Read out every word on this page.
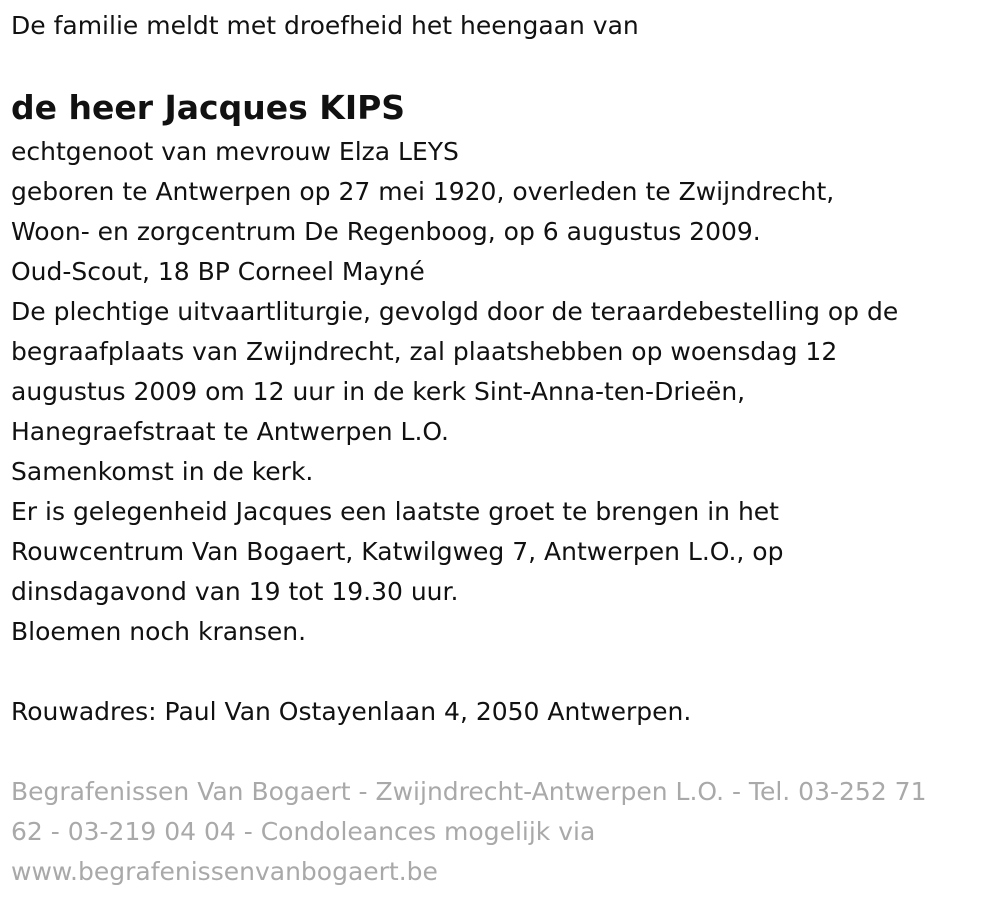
De familie meldt met droefheid het heengaan van

de heer Jacques KIPS

echtgenoot van mevrouw Elza LEYS

geboren te Antwerpen op 27 mei 1920, overleden te Zwijndrecht,

Woon- en zorgcentrum De Regenboog, op 6 augustus 2009.

Oud-Scout, 18 BP Corneel Mayné

De plechtige uitvaartliturgie, gevolgd door de teraardebestelling op de

begraafplaats van Zwijndrecht, zal plaatshebben op woensdag 12

augustus 2009 om 12 uur in de kerk Sint-Anna-ten-Drieën,

Hanegraefstraat te Antwerpen L.O.

Samenkomst in de kerk.

Er is gelegenheid Jacques een laatste groet te brengen in het

Rouwcentrum Van Bogaert, Katwilgweg 7, Antwerpen L.O., op

dinsdagavond van 19 tot 19.30 uur.

Bloemen noch kransen.

Rouwadres: Paul Van Ostayenlaan 4, 2050 Antwerpen.

Begrafenissen Van Bogaert - Zwijndrecht-Antwerpen L.O. - Tel. 03-252 71

62 - 03-219 04 04 - Condoleances mogelijk via

www.begrafenissenvanbogaert.be
